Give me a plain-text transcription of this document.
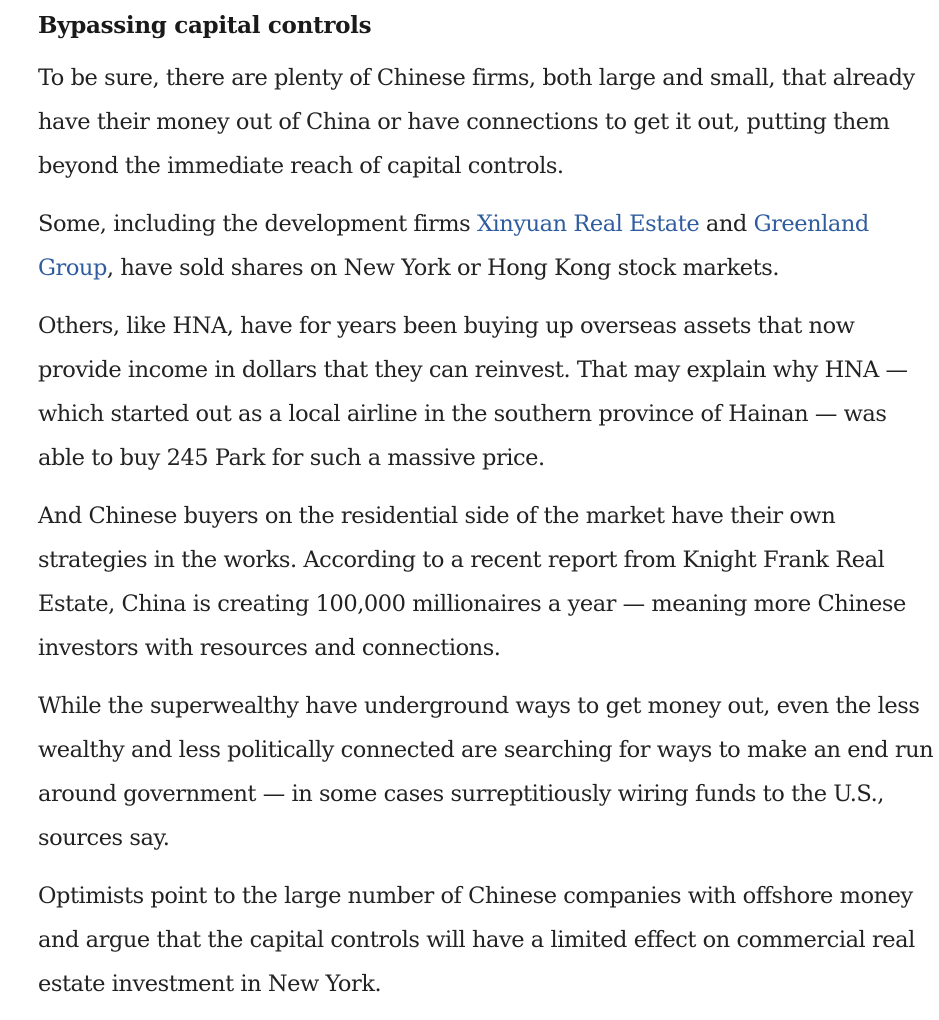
Bypassing capital controls

To be sure, there are plenty of Chinese firms, both large and small, that already have their money out of China or have connections to get it out, putting them beyond the immediate reach of capital controls.

Some, including the development firms Xinyuan Real Estate and Greenland Group, have sold shares on New York or Hong Kong stock markets.

Others, like HNA, have for years been buying up overseas assets that now provide income in dollars that they can reinvest. That may explain why HNA — which started out as a local airline in the southern province of Hainan — was able to buy 245 Park for such a massive price.

And Chinese buyers on the residential side of the market have their own strategies in the works. According to a recent report from Knight Frank Real Estate, China is creating 100,000 millionaires a year — meaning more Chinese investors with resources and connections.

While the superwealthy have underground ways to get money out, even the less wealthy and less politically connected are searching for ways to make an end run around government — in some cases surreptitiously wiring funds to the U.S., sources say.

Optimists point to the large number of Chinese companies with offshore money and argue that the capital controls will have a limited effect on commercial real estate investment in New York.
